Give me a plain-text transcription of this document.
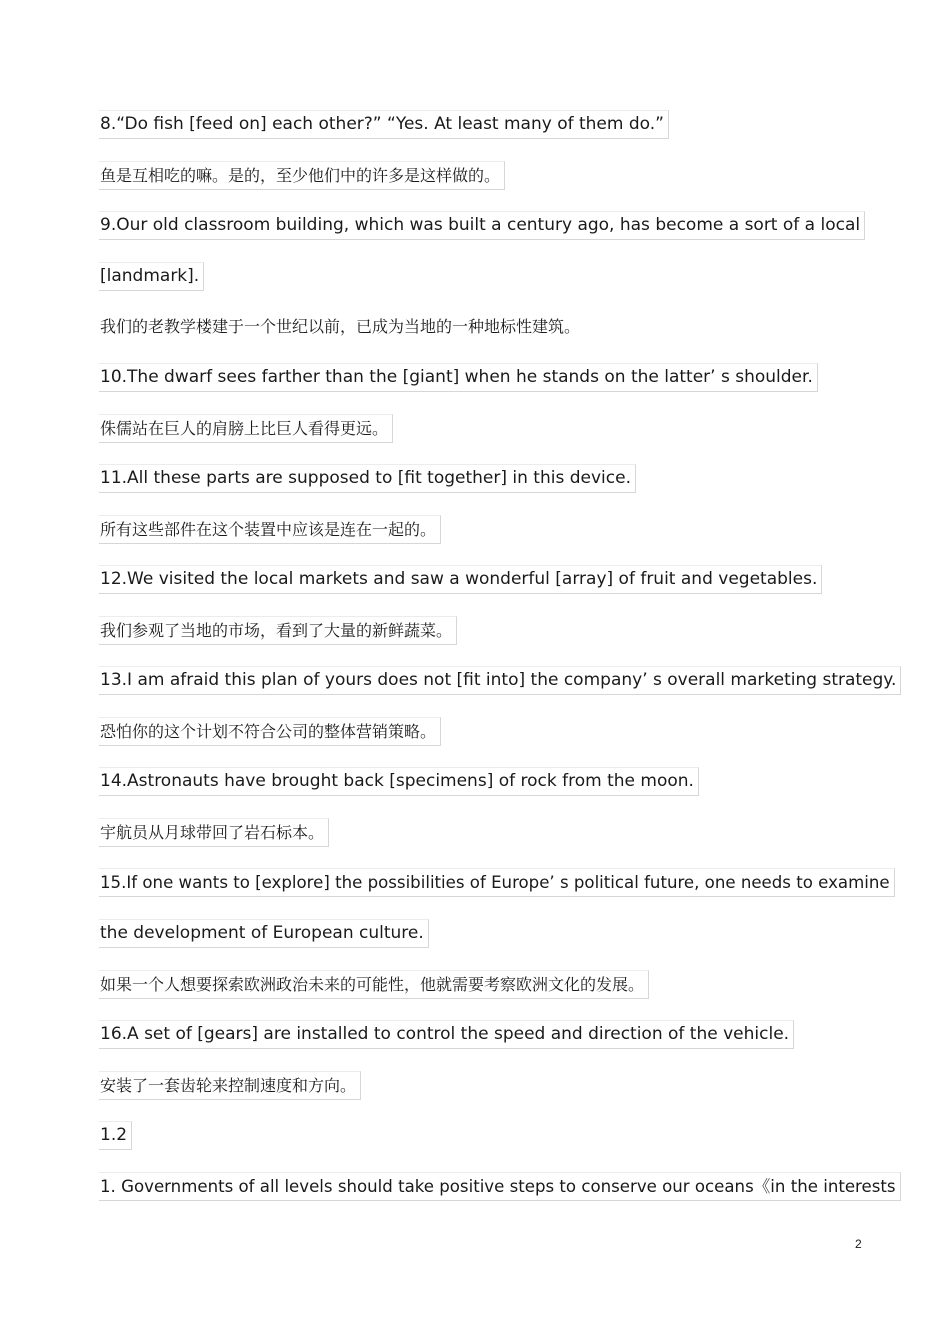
8.“Do fish [feed on] each other?” “Yes. At least many of them do.”
鱼是互相吃的嘛。是的，至少他们中的许多是这样做的。
9.Our old classroom building, which was built a century ago, has become a sort of a local
[landmark].
我们的老教学楼建于一个世纪以前，已成为当地的一种地标性建筑。
10.The dwarf sees farther than the [giant] when he stands on the latter’ s shoulder.
侏儒站在巨人的肩膀上比巨人看得更远。
11.All these parts are supposed to [fit together] in this device.
所有这些部件在这个装置中应该是连在一起的。
12.We visited the local markets and saw a wonderful [array] of fruit and vegetables.
我们参观了当地的市场，看到了大量的新鲜蔬菜。
13.I am afraid this plan of yours does not [fit into] the company’ s overall marketing strategy.
恐怕你的这个计划不符合公司的整体营销策略。
14.Astronauts have brought back [specimens] of rock from the moon.
宇航员从月球带回了岩石标本。
15.If one wants to [explore] the possibilities of Europe’ s political future, one needs to examine
the development of European culture.
如果一个人想要探索欧洲政治未来的可能性，他就需要考察欧洲文化的发展。
16.A set of [gears] are installed to control the speed and direction of the vehicle.
安装了一套齿轮来控制速度和方向。
1.2
1. Governments of all levels should take positive steps to conserve our oceans《in the interests
2
